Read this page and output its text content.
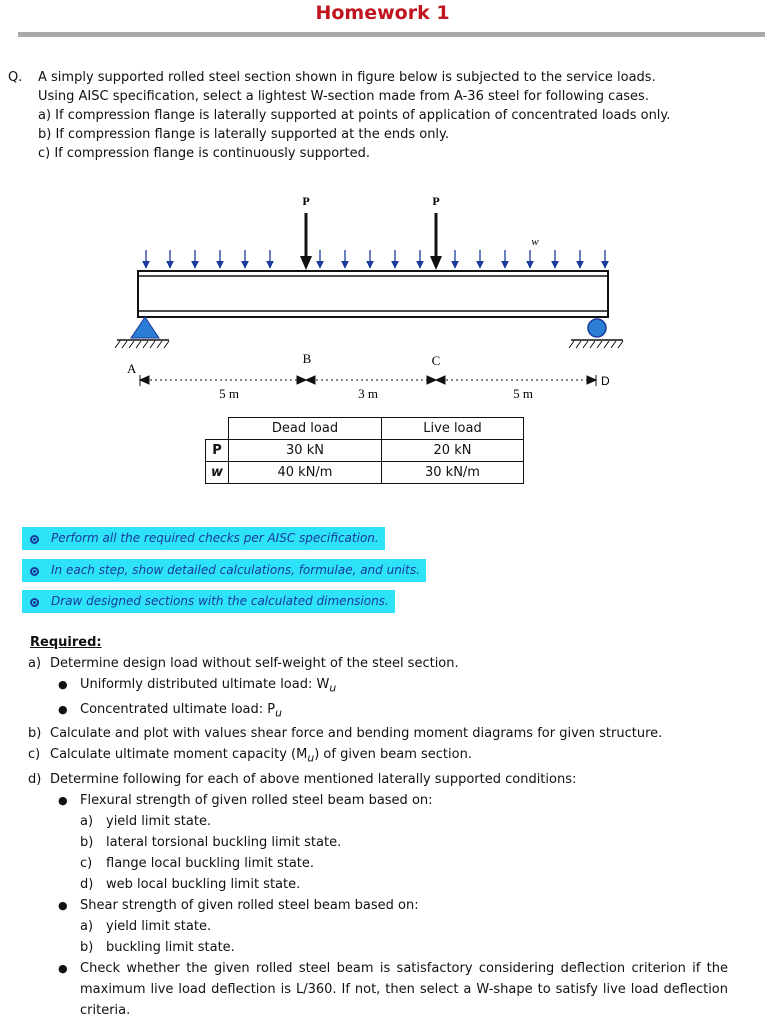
Homework 1
Q. A simply supported rolled steel section shown in figure below is subjected to the service loads.
Using AISC specification, select a lightest W-section made from A-36 steel for following cases.
a) If compression flange is laterally supported at points of application of concentrated loads only.
b) If compression flange is laterally supported at the ends only.
c) If compression flange is continuously supported.
P	P
w
A
B	C
D
5 m	3 m	5 m
	Dead load	Live load
P	30 kN	20 kN
w	40 kN/m	30 kN/m
Perform all the required checks per AISC specification.
In each step, show detailed calculations, formulae, and units.
Draw designed sections with the calculated dimensions.
Required:
a) Determine design load without self-weight of the steel section.
● Uniformly distributed ultimate load: $W_u$
● Concentrated ultimate load: $P_u$
b) Calculate and plot with values shear force and bending moment diagrams for given structure.
c) Calculate ultimate moment capacity $(M_u)$ of given beam section.
d) Determine following for each of above mentioned laterally supported conditions:
● Flexural strength of given rolled steel beam based on:
a) yield limit state.
b) lateral torsional buckling limit state.
c) flange local buckling limit state.
d) web local buckling limit state.
● Shear strength of given rolled steel beam based on:
a) yield limit state.
b) buckling limit state.
● Check whether the given rolled steel beam is satisfactory considering deflection criterion if the maximum live load deflection is L/360. If not, then select a W-shape to satisfy live load deflection criteria.
